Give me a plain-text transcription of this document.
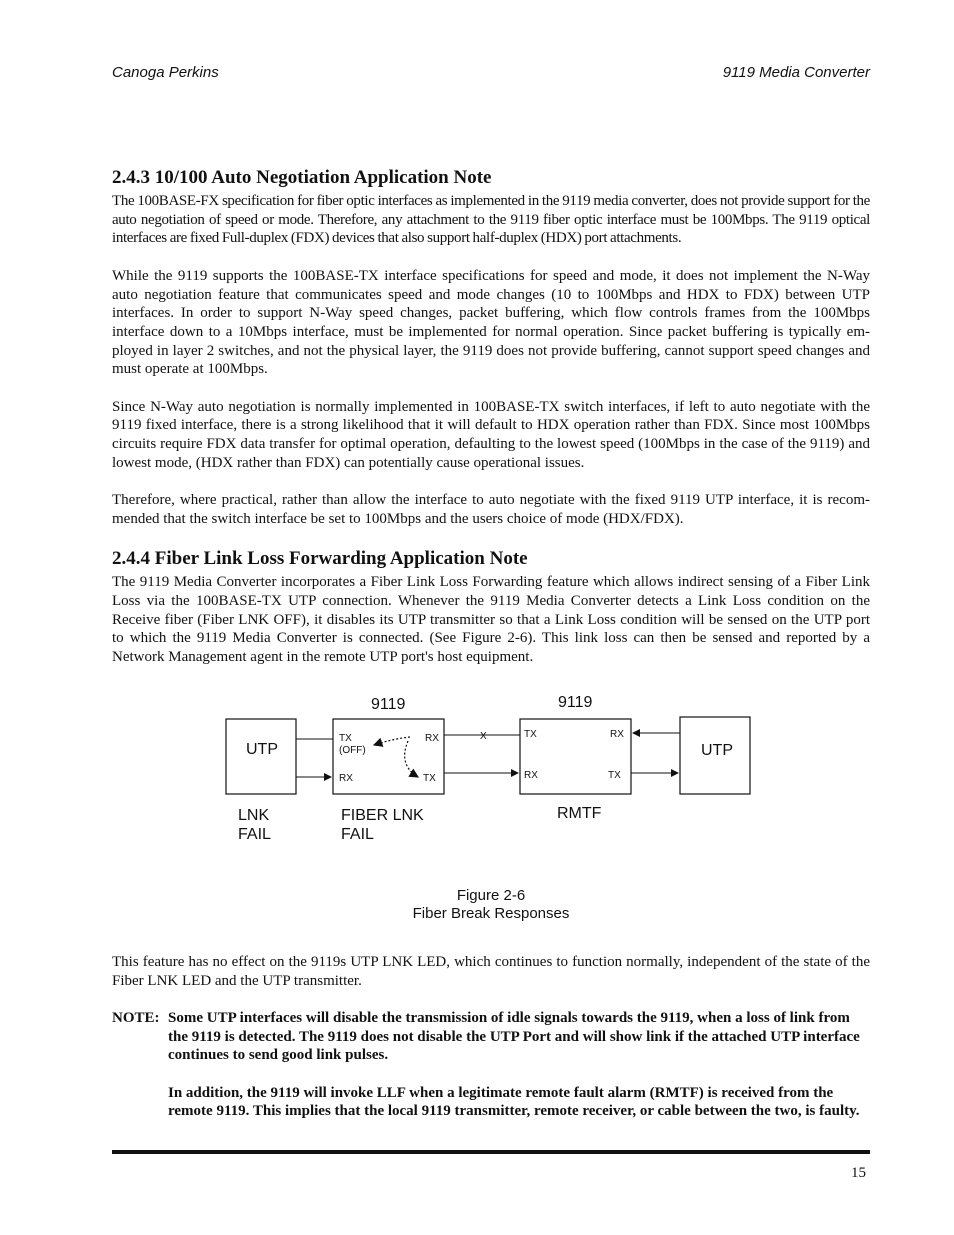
Canoga Perkins	9119 Media Converter
2.4.3 10/100 Auto Negotiation Application Note

The 100BASE-FX specification for fiber optic interfaces as implemented in the 9119 media converter, does not provide support for the auto negotiation of speed or mode. Therefore, any attachment to the 9119 fiber optic interface must be 100Mbps. The 9119 optical interfaces are fixed Full-duplex (FDX) devices that also support half-duplex (HDX) port attachments.

While the 9119 supports the 100BASE-TX interface specifications for speed and mode, it does not implement the N-Way auto negotiation feature that communicates speed and mode changes (10 to 100Mbps and HDX to FDX) between UTP interfaces. In order to support N-Way speed changes, packet buffering, which flow controls frames from the 100Mbps interface down to a 10Mbps interface, must be implemented for normal operation. Since packet buffering is typically em-ployed in layer 2 switches, and not the physical layer, the 9119 does not provide buffering, cannot support speed changes and must operate at 100Mbps.

Since N-Way auto negotiation is normally implemented in 100BASE-TX switch interfaces, if left to auto negotiate with the 9119 fixed interface, there is a strong likelihood that it will default to HDX operation rather than FDX. Since most 100Mbps circuits require FDX data transfer for optimal operation, defaulting to the lowest speed (100Mbps in the case of the 9119) and lowest mode, (HDX rather than FDX) can potentially cause operational issues.

Therefore, where practical, rather than allow the interface to auto negotiate with the fixed 9119 UTP interface, it is recom-mended that the switch interface be set to 100Mbps and the users choice of mode (HDX/FDX).

2.4.4 Fiber Link Loss Forwarding Application Note

The 9119 Media Converter incorporates a Fiber Link Loss Forwarding feature which allows indirect sensing of a Fiber Link Loss via the 100BASE-TX UTP connection. Whenever the 9119 Media Converter detects a Link Loss condition on the Receive fiber (Fiber LNK OFF), it disables its UTP transmitter so that a Link Loss condition will be sensed on the UTP port to which the 9119 Media Converter is connected. (See Figure 2-6). This link loss can then be sensed and reported by a Network Management agent in the remote UTP port's host equipment.

UTP
9119
TX
(OFF)
RX
RX	TX
9119
TX	RX
RX	TX
UTP
X
LNK
FAIL
FIBER LNK
FAIL
RMTF
Figure 2-6
Fiber Break Responses

This feature has no effect on the 9119s UTP LNK LED, which continues to function normally, independent of the state of the Fiber LNK LED and the UTP transmitter.

NOTE: Some UTP interfaces will disable the transmission of idle signals towards the 9119, when a loss of link from the 9119 is detected. The 9119 does not disable the UTP Port and will show link if the attached UTP interface continues to send good link pulses.

In addition, the 9119 will invoke LLF when a legitimate remote fault alarm (RMTF) is received from the remote 9119. This implies that the local 9119 transmitter, remote receiver, or cable between the two, is faulty.

15
